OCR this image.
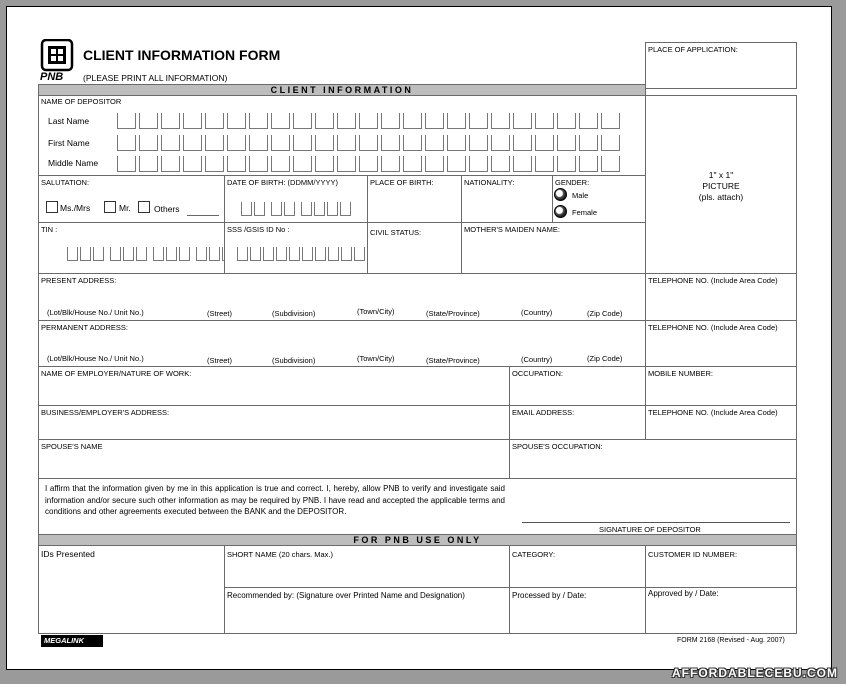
PNB
CLIENT INFORMATION FORM
(PLEASE PRINT ALL INFORMATION)
PLACE OF APPLICATION:
CLIENT INFORMATION
NAME OF DEPOSITOR
Last Name
First Name
Middle Name
1" x 1"
PICTURE
(pls. attach)
SALUTATION:
Ms./Mrs	Mr.	Others
DATE OF BIRTH: (DDMM/YYYY)	PLACE OF BIRTH:	NATIONALITY:	GENDER:
Male
Female
TIN :	SSS /GSIS ID No :	CIVIL STATUS:	MOTHER'S MAIDEN NAME:
PRESENT ADDRESS:
(Lot/Blk/House No./ Unit No.)	(Street)	(Subdivision)	(Town/City)	(State/Province)	(Country)	(Zip Code)
TELEPHONE NO. (Include Area Code)
PERMANENT ADDRESS:
(Lot/Blk/House No./ Unit No.)	(Street)	(Subdivision)	(Town/City)	(State/Province)	(Country)	(Zip Code)
TELEPHONE NO. (Include Area Code)
NAME OF EMPLOYER/NATURE OF WORK:	OCCUPATION:	MOBILE NUMBER:
BUSINESS/EMPLOYER'S ADDRESS:	EMAIL ADDRESS:	TELEPHONE NO. (Include Area Code)
SPOUSE'S NAME	SPOUSE'S OCCUPATION:
I affirm that the information given by me in this application is true and correct. I, hereby, allow PNB to verify and investigate said information and/or secure such other information as may be required by PNB. I have read and accepted the applicable terms and conditions and other agreements executed between the BANK and the DEPOSITOR.
SIGNATURE OF DEPOSITOR
FOR PNB USE ONLY
IDs Presented	SHORT NAME (20 chars. Max.)	CATEGORY:	CUSTOMER ID NUMBER:
Recommended by: (Signature over Printed Name and Designation)	Processed by / Date:	Approved by / Date:
MEGALINK	FORM 2168 (Revised - Aug. 2007)
AFFORDABLECEBU.COM
